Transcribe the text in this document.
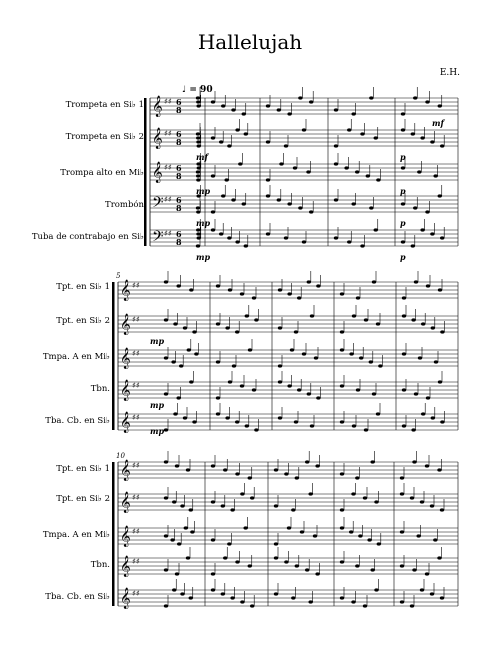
Hallelujah
E.H.
Trompeta en Si♭ 1
Trompeta en Si♭ 2
Trompa alto en Mi♭
Trombón
Tuba de contrabajo en Si♭
Tpt. en Si♭ 1
Tpt. en Si♭ 2
Tmpa. A en Mi♭
Tbn.
Tba. Cb. en Si♭
Tpt. en Si♭ 1
Tpt. en Si♭ 2
Tmpa. A en Mi♭
Tbn.
Tba. Cb. en Si♭
𝄞 ♯♯ 6
8
𝄞 ♯♯ 6
8
𝄞 ♯♯ 6
8
𝄢 ♯♯ 6
8
𝄢 ♯♯ 6
8
𝄞 ♯♯
𝄞 ♯♯
𝄞 ♯♯
𝄞 ♯♯
𝄞 ♯♯
𝄞 ♯♯
𝄞 ♯♯
𝄞 ♯♯
𝄞 ♯♯
𝄞 ♯♯
mf
mf	p
mp	p
mp	p
mp	p
mp
mp
mp
♩ = 90
5
10
